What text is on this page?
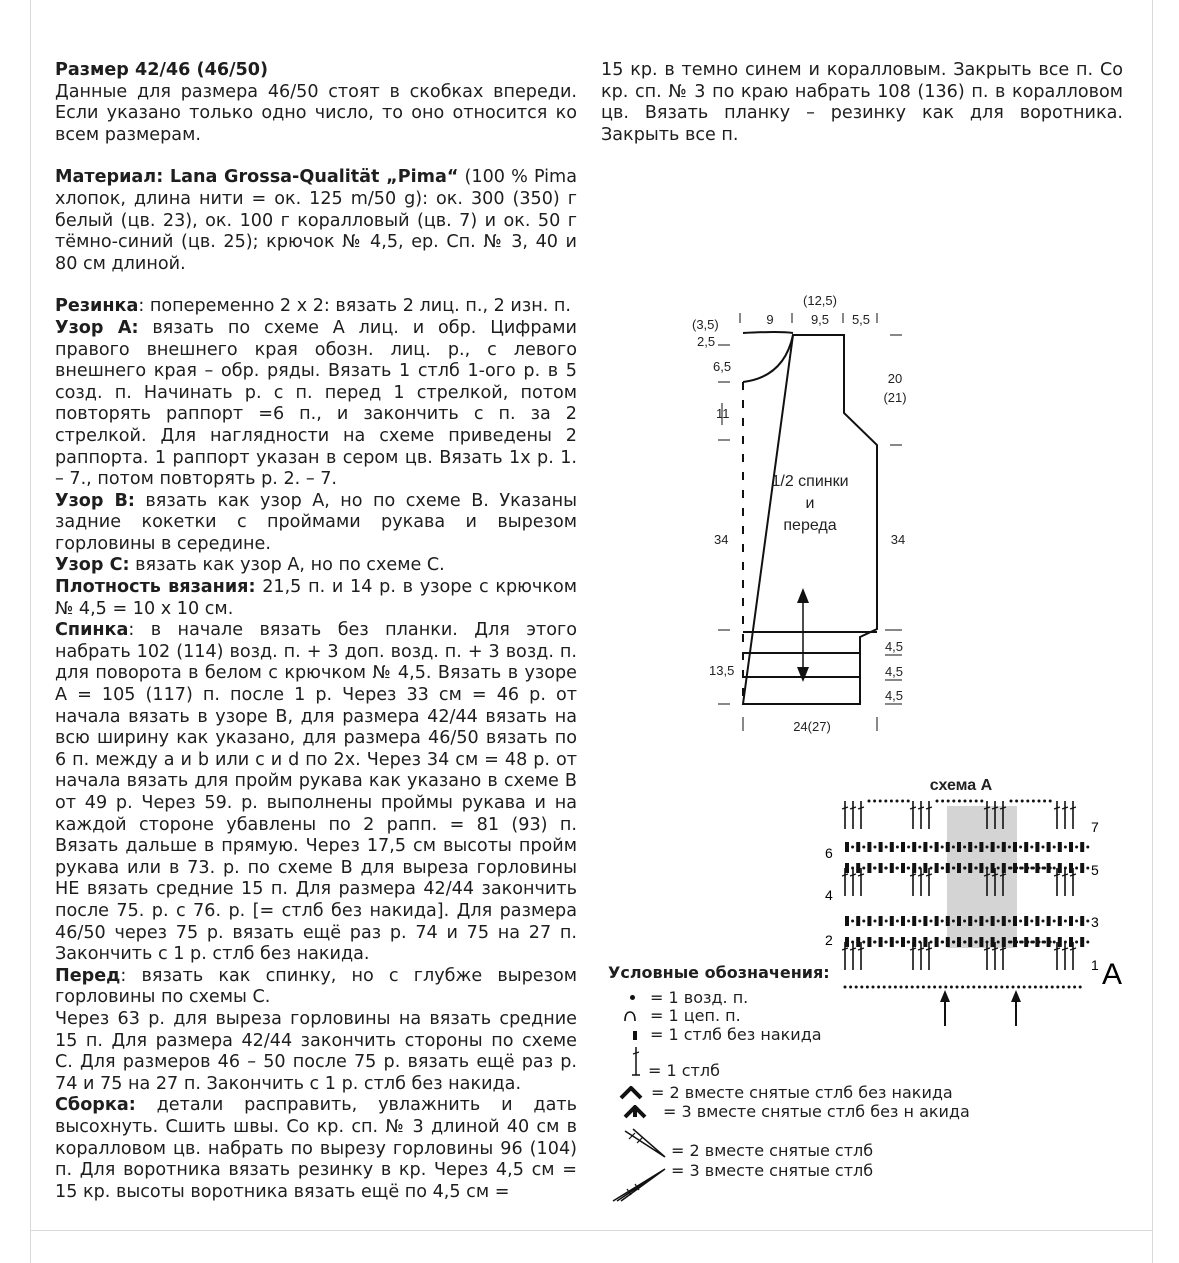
Размер 42/46 (46/50)
Данные для размера 46/50 стоят в скобках впереди. Если указано только одно число, то оно относится ко всем размерам.

Материал: Lana Grossa-Qualität „Pima“ (100 % Pima хлопок, длина нити = ок. 125 m/50 g): ок. 300 (350) г белый (цв. 23), ок. 100 г коралловый (цв. 7) и ок. 50 г тёмно-синий (цв. 25); крючок № 4,5, ер. Сп. № 3, 40 и 80 см длиной.

Резинка: попеременно 2 х 2: вязать 2 лиц. п., 2 изн. п.

Узор А: вязать по схеме А лиц. и обр. Цифрами правого внешнего края обозн. лиц. р., с левого внешнего края – обр. ряды. Вязать 1 стлб 1-ого р. в 5 созд. п. Начинать р. с п. перед 1 стрелкой, потом повторять раппорт =6 п., и закончить с п. за 2 стрелкой. Для наглядности на схеме приведены 2 раппорта. 1 раппорт указан в сером цв. Вязать 1х р. 1. – 7., потом повторять р. 2. – 7.

Узор В: вязать как узор А, но по схеме В. Указаны задние кокетки с проймами рукава и вырезом горловины в середине.

Узор С: вязать как узор А, но по схеме С.

Плотность вязания: 21,5 п. и 14 р. в узоре с крючком № 4,5 = 10 х 10 см.

Спинка: в начале вязать без планки. Для этого набрать 102 (114) возд. п. + 3 доп. возд. п. + 3 возд. п. для поворота в белом с крючком № 4,5. Вязать в узоре А = 105 (117) п. после 1 р. Через 33 см = 46 р. от начала вязать в узоре В, для размера 42/44 вязать на всю ширину как указано, для размера 46/50 вязать по 6 п. между а и b или с и d по 2х. Через 34 см = 48 р. от начала вязать для пройм рукава как указано в схеме В от 49 р. Через 59. р. выполнены проймы рукава и на каждой стороне убавлены по 2 рапп. = 81 (93) п. Вязать дальше в прямую. Через 17,5 см высоты пройм рукава или в 73. р. по схеме В для выреза горловины НЕ вязать средние 15 п. Для размера 42/44 закончить после 75. р. с 76. р. [= стлб без накида]. Для размера 46/50 через 75 р. вязать ещё раз р. 74 и 75 на 27 п. Закончить с 1 р. стлб без накида.

Перед: вязать как спинку, но с глубже вырезом горловины по схемы С.

Через 63 р. для выреза горловины на вязать средние 15 п. Для размера 42/44 закончить стороны по схеме С. Для размеров 46 – 50 после 75 р. вязать ещё раз р. 74 и 75 на 27 п. Закончить с 1 р. стлб без накида.

Сборка: детали расправить, увлажнить и дать высохнуть. Сшить швы. Со кр. сп. № 3 длиной 40 см в коралловом цв. набрать по вырезу горловины 96 (104) п. Для воротника вязать резинку в кр. Через 4,5 см = 15 кр. высоты воротника вязать ещё по 4,5 см =

15 кр. в темно синем и коралловым. Закрыть все п. Со кр. сп. № 3 по краю набрать 108 (136) п. в коралловом цв. Вязать планку – резинку как для воротника. Закрыть все п.

(12,5)
9	9,5 5,5
(3,5)
2,5
6,5
11
34
13,5
20
(21)
34
4,5
4,5
4,5
24(27)
1/2 спинки
и
переда
схема А
7
5
3
1
6
4
2
A
Условные обозначения:
= 1 возд. п.
= 1 цеп. п.
= 1 стлб без накида
= 1 стлб
= 2 вместе снятые стлб без накида
= 3 вместе снятые стлб без н акида
= 2 вместе снятые стлб
= 3 вместе снятые стлб
